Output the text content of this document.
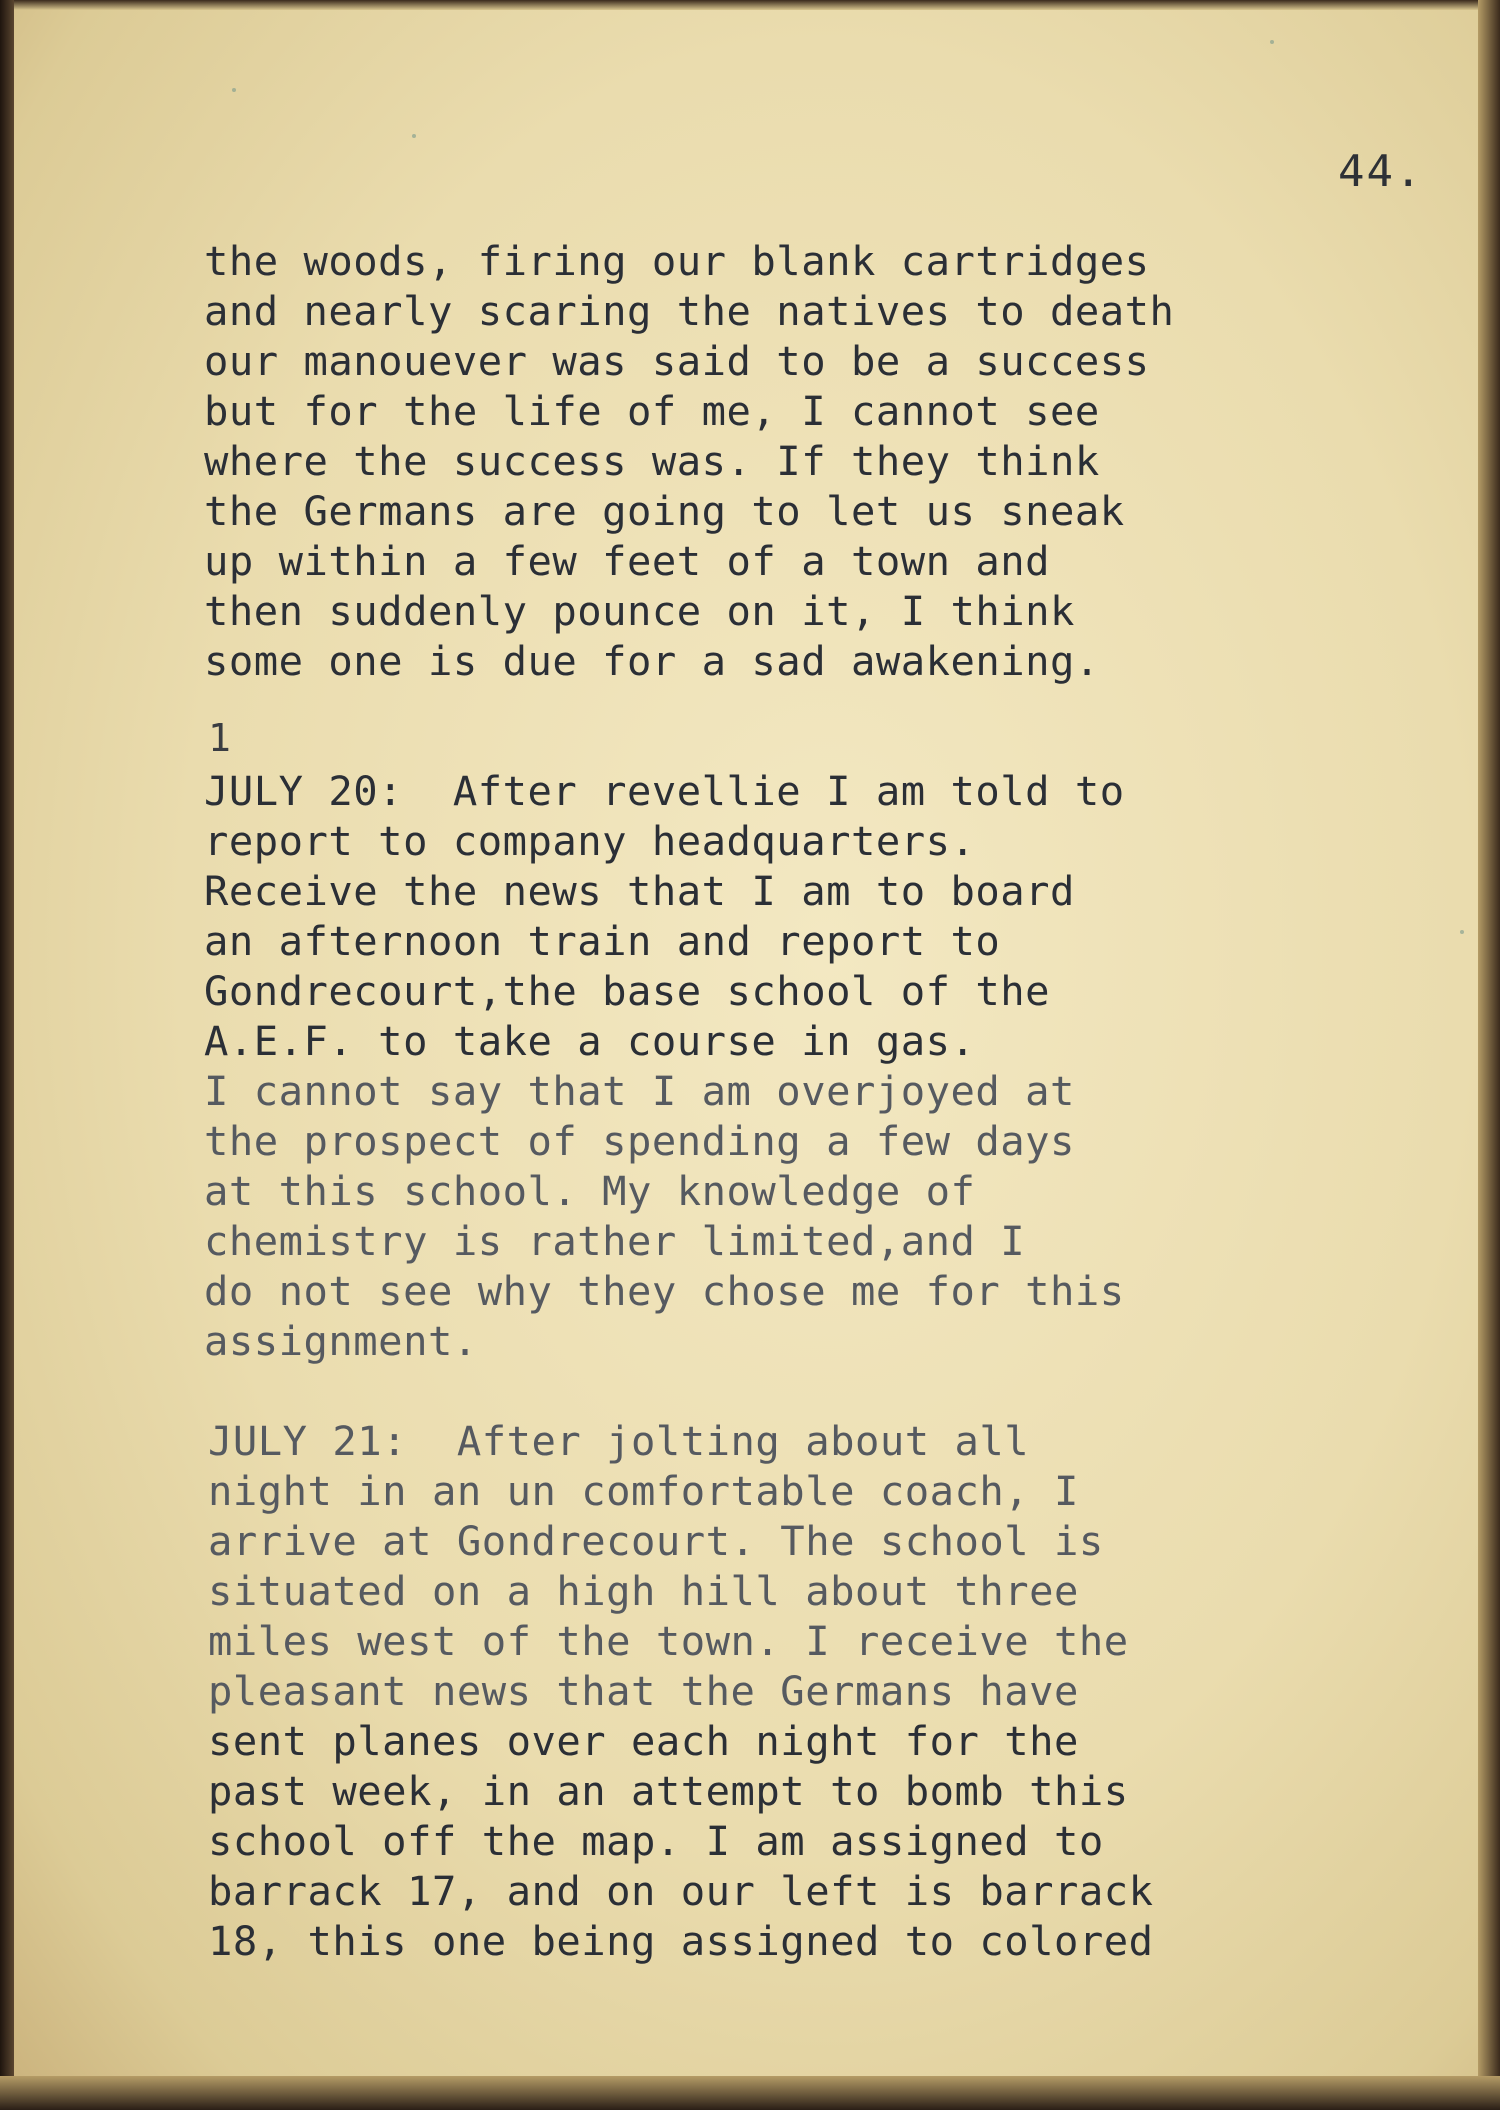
44.
the woods, firing our blank cartridges
and nearly scaring the natives to death
our manouever was said to be a success
but for the life of me, I cannot see
where the success was. If they think
the Germans are going to let us sneak
up within a few feet of a town and
then suddenly pounce on it, I think
some one is due for a sad awakening.
1
JULY 20:  After revellie I am told to
report to company headquarters.
Receive the news that I am to board
an afternoon train and report to
Gondrecourt,the base school of the
A.E.F. to take a course in gas.
I cannot say that I am overjoyed at
the prospect of spending a few days
at this school. My knowledge of
chemistry is rather limited,and I
do not see why they chose me for this
assignment.
JULY 21:  After jolting about all
night in an un comfortable coach, I
arrive at Gondrecourt. The school is
situated on a high hill about three
miles west of the town. I receive the
pleasant news that the Germans have
sent planes over each night for the
past week, in an attempt to bomb this
school off the map. I am assigned to
barrack 17, and on our left is barrack
18, this one being assigned to colored
